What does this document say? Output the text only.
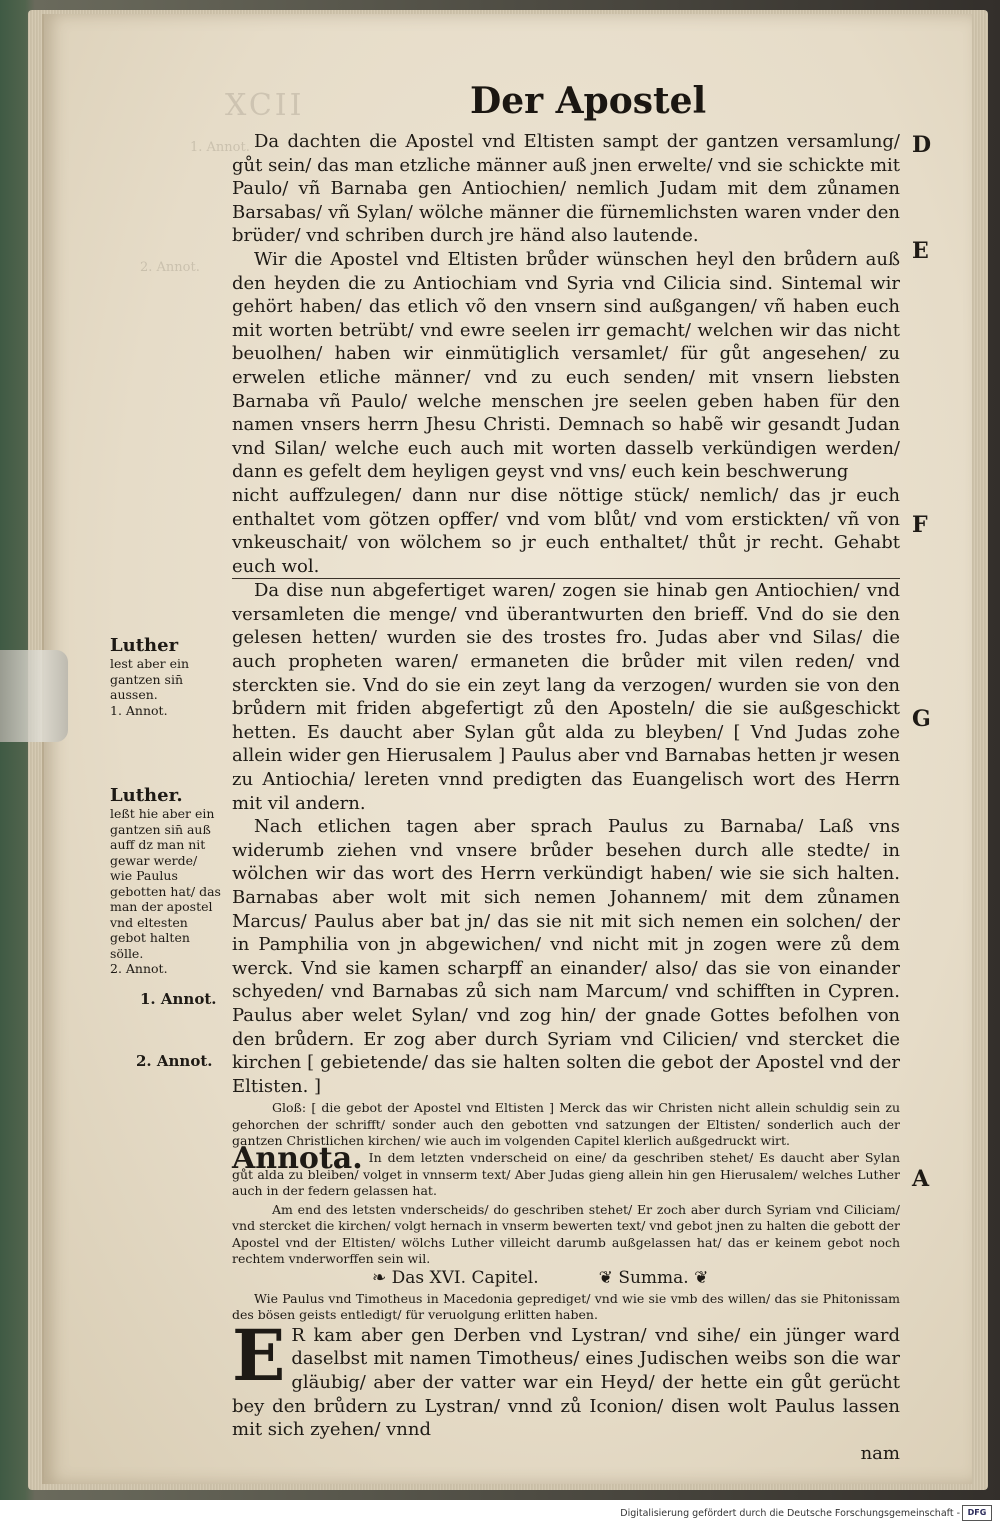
XCII
1. Annot.
2. Annot.
Der Apostel

Da dachten die Apostel vnd Eltisten sampt der gantzen versamlung/ gůt sein/ das man etzliche männer auß jnen erwelte/ vnd sie schickte mit Paulo/ vñ Barnaba gen Antiochien/ nemlich Judam mit dem zůnamen Barsabas/ vñ Sylan/ wölche männer die fürnemlichsten waren vnder den brüder/ vnd schriben durch jre händ also lautende.

Wir die Apostel vnd Eltisten brůder wünschen heyl den brůdern auß den heyden die zu Antiochiam vnd Syria vnd Cilicia sind. Sintemal wir gehört haben/ das etlich võ den vnsern sind außgangen/ vñ haben euch mit worten betrübt/ vnd ewre seelen irr gemacht/ welchen wir das nicht beuolhen/ haben wir einmütiglich versamlet/ für gůt angesehen/ zu erwelen etliche männer/ vnd zu euch senden/ mit vnsern liebsten Barnaba vñ Paulo/ welche menschen jre seelen geben haben für den namen vnsers herrn Jhesu Christi. Demnach so habẽ wir gesandt Judan vnd Silan/ welche euch auch mit worten dasselb verkündigen werden/ dann es gefelt dem heyligen geyst vnd vns/ euch kein beschwerung

nicht auffzulegen/ dann nur dise nöttige stück/ nemlich/ das jr euch enthaltet vom götzen opffer/ vnd vom blůt/ vnd vom erstickten/ vñ von vnkeuschait/ von wölchem so jr euch enthaltet/ thůt jr recht. Gehabt euch wol.

Da dise nun abgefertiget waren/ zogen sie hinab gen Antiochien/ vnd versamleten die menge/ vnd überantwurten den brieff. Vnd do sie den gelesen hetten/ wurden sie des trostes fro. Judas aber vnd Silas/ die auch propheten waren/ ermaneten die brůder mit vilen reden/ vnd sterckten sie. Vnd do sie ein zeyt lang da verzogen/ wurden sie von den brůdern mit friden abgefertigt zů den Aposteln/ die sie außgeschickt hetten. Es daucht aber Sylan gůt alda zu bleyben/ [ Vnd Judas zohe allein wider gen Hierusalem ] Paulus aber vnd Barnabas hetten jr wesen zu Antiochia/ lereten vnnd predigten das Euangelisch wort des Herrn mit vil andern.

Nach etlichen tagen aber sprach Paulus zu Barnaba/ Laß vns widerumb ziehen vnd vnsere brůder besehen durch alle stedte/ in wölchen wir das wort des Herrn verkündigt haben/ wie sie sich halten. Barnabas aber wolt mit sich nemen Johannem/ mit dem zůnamen Marcus/ Paulus aber bat jn/ das sie nit mit sich nemen ein solchen/ der in Pamphilia von jn abgewichen/ vnd nicht mit jn zogen were zů dem werck. Vnd sie kamen scharpff an einander/ also/ das sie von einander schyeden/ vnd Barnabas zů sich nam Marcum/ vnd schifften in Cypren. Paulus aber welet Sylan/ vnd zog hin/ der gnade Gottes befolhen von den brůdern. Er zog aber durch Syriam vnd Cilicien/ vnd stercket die kirchen [ gebietende/ das sie halten solten die gebot der Apostel vnd der Eltisten. ]

Gloß: [ die gebot der Apostel vnd Eltisten ] Merck das wir Christen nicht allein schuldig sein zu gehorchen der schrifft/ sonder auch den gebotten vnd satzungen der Eltisten/ sonderlich auch der gantzen Christlichen kirchen/ wie auch im volgenden Capitel klerlich außgedruckt wirt.

Annota. In dem letzten vnderscheid on eine/ da geschriben stehet/ Es daucht aber Sylan gůt alda zu bleiben/ volget in vnnserm text/ Aber Judas gieng allein hin gen Hierusalem/ welches Luther auch in der federn gelassen hat.

Am end des letsten vnderscheids/ do geschriben stehet/ Er zoch aber durch Syriam vnd Ciliciam/ vnd stercket die kirchen/ volgt hernach in vnserm bewerten text/ vnd gebot jnen zu halten die gebott der Apostel vnd der Eltisten/ wölchs Luther villeicht darumb außgelassen hat/ das er keinem gebot noch rechtem vnderworffen sein wil.

❧ Das XVI. Capitel.	❦ Summa. ❦

Wie Paulus vnd Timotheus in Macedonia geprediget/ vnd wie sie vmb des willen/ das sie Phitonissam des bösen geists entledigt/ für veruolgung erlitten haben.

E R kam aber gen Derben vnd Lystran/ vnd sihe/ ein jünger ward daselbst mit namen Timotheus/ eines Judischen weibs son die war gläubig/ aber der vatter war ein Heyd/ der hette ein gůt gerücht bey den brůdern zu Lystran/ vnnd zů Iconion/ disen wolt Paulus lassen mit sich zyehen/ vnnd

nam

D
E
F
G
A
Luther
lest aber ein gantzen sin̄ aussen.
1. Annot.
Luther.
leßt hie aber ein gantzen sin̄ auß auff dz man nit gewar werde/ wie Paulus gebotten hat/ das man der apostel vnd eltesten gebot halten sölle.
2. Annot.
1. Annot.
2. Annot.
Digitalisierung gefördert durch die Deutsche Forschungsgemeinschaft - DFG
